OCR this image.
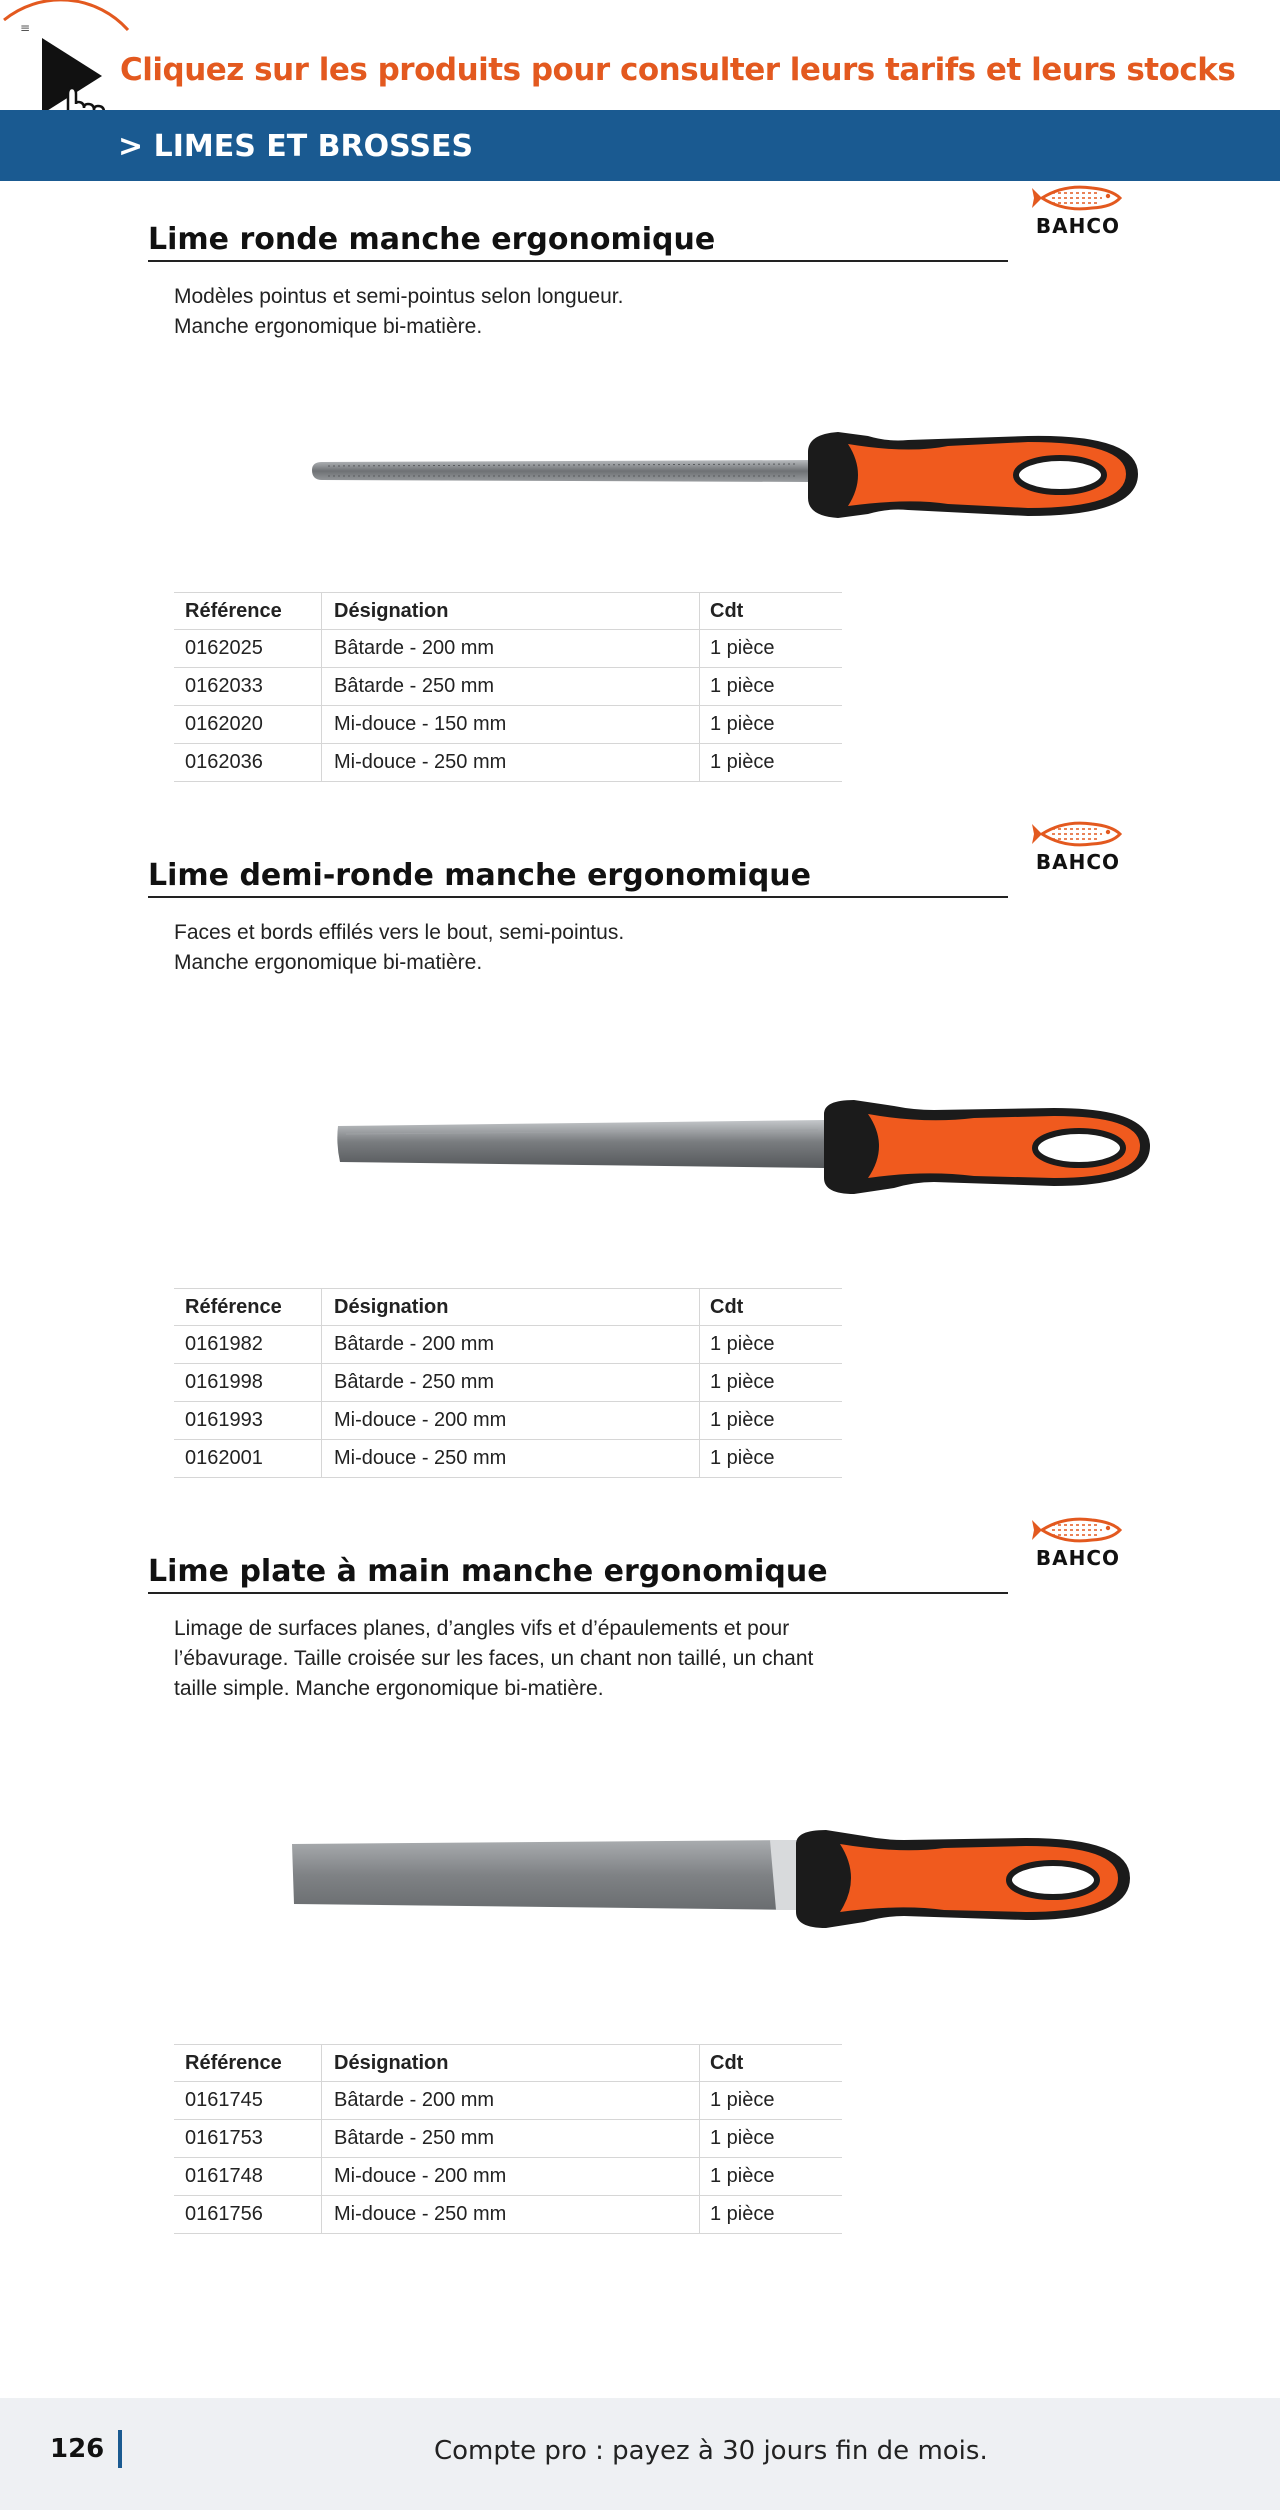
≡
Cliquez sur les produits pour consulter leurs tarifs et leurs stocks
> LIMES ET BROSSES
Lime ronde manche ergonomique	BAHCO
Modèles pointus et semi-pointus selon longueur.
Manche ergonomique bi-matière.
Référence	Désignation	Cdt
0162025	Bâtarde - 200 mm	1 pièce
0162033	Bâtarde - 250 mm	1 pièce
0162020	Mi-douce - 150 mm	1 pièce
0162036	Mi-douce - 250 mm	1 pièce
Lime demi-ronde manche ergonomique	BAHCO
Faces et bords effilés vers le bout, semi-pointus.
Manche ergonomique bi-matière.
Référence	Désignation	Cdt
0161982	Bâtarde - 200 mm	1 pièce
0161998	Bâtarde - 250 mm	1 pièce
0161993	Mi-douce - 200 mm	1 pièce
0162001	Mi-douce - 250 mm	1 pièce
Lime plate à main manche ergonomique	BAHCO
Limage de surfaces planes, d’angles vifs et d’épaulements et pour
l’ébavurage. Taille croisée sur les faces, un chant non taillé, un chant
taille simple. Manche ergonomique bi-matière.
Référence	Désignation	Cdt
0161745	Bâtarde - 200 mm	1 pièce
0161753	Bâtarde - 250 mm	1 pièce
0161748	Mi-douce - 200 mm	1 pièce
0161756	Mi-douce - 250 mm	1 pièce
126	Compte pro : payez à 30 jours fin de mois.
